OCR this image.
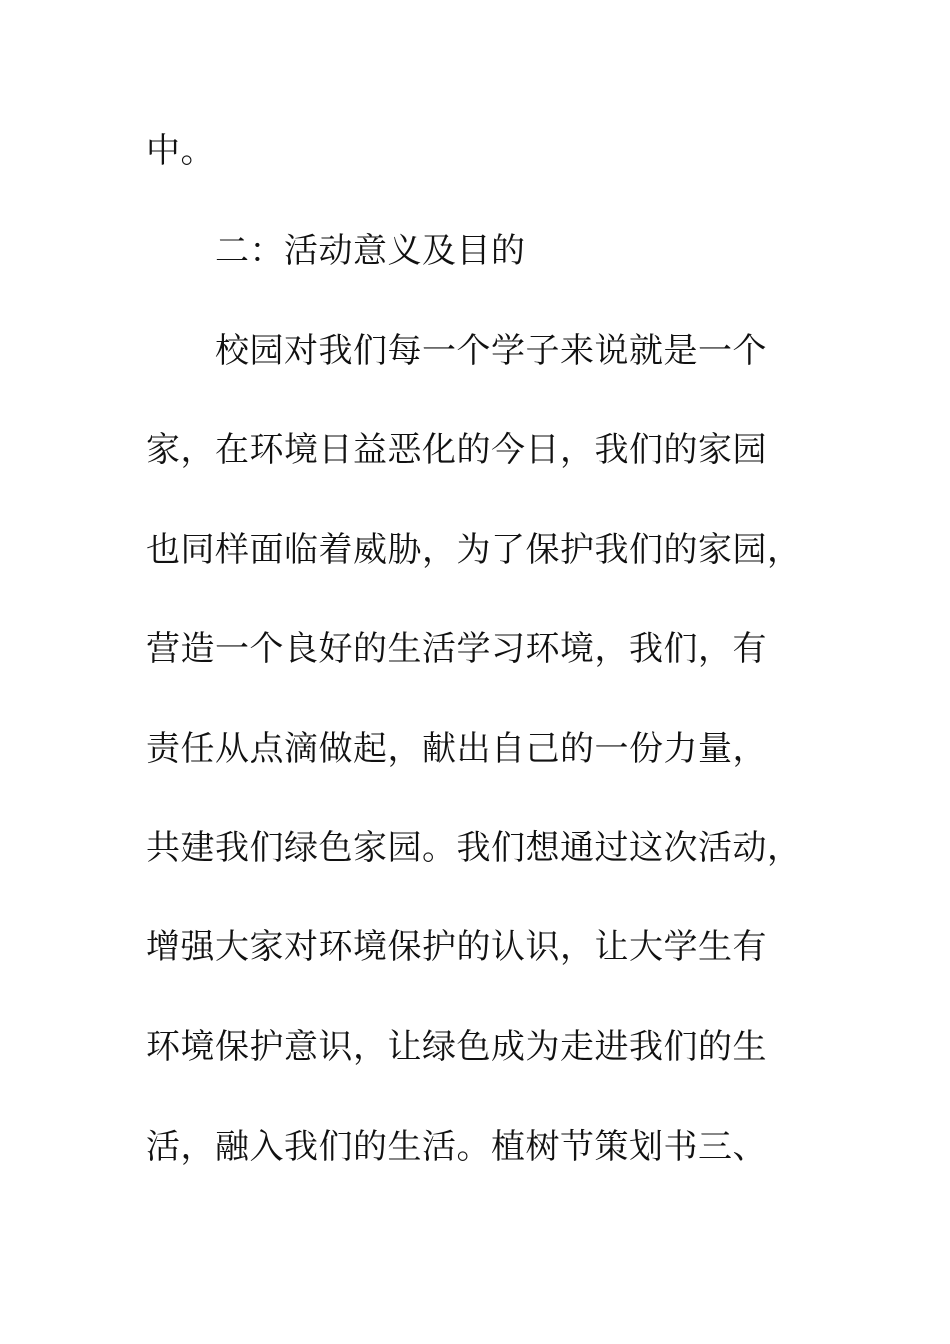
中。
二：活动意义及目的
校园对我们每一个学子来说就是一个
家，在环境日益恶化的今日，我们的家园
也同样面临着威胁，为了保护我们的家园，
营造一个良好的生活学习环境，我们，有
责任从点滴做起，献出自己的一份力量，
共建我们绿色家园。我们想通过这次活动，
增强大家对环境保护的认识，让大学生有
环境保护意识，让绿色成为走进我们的生
活，融入我们的生活。植树节策划书三、
